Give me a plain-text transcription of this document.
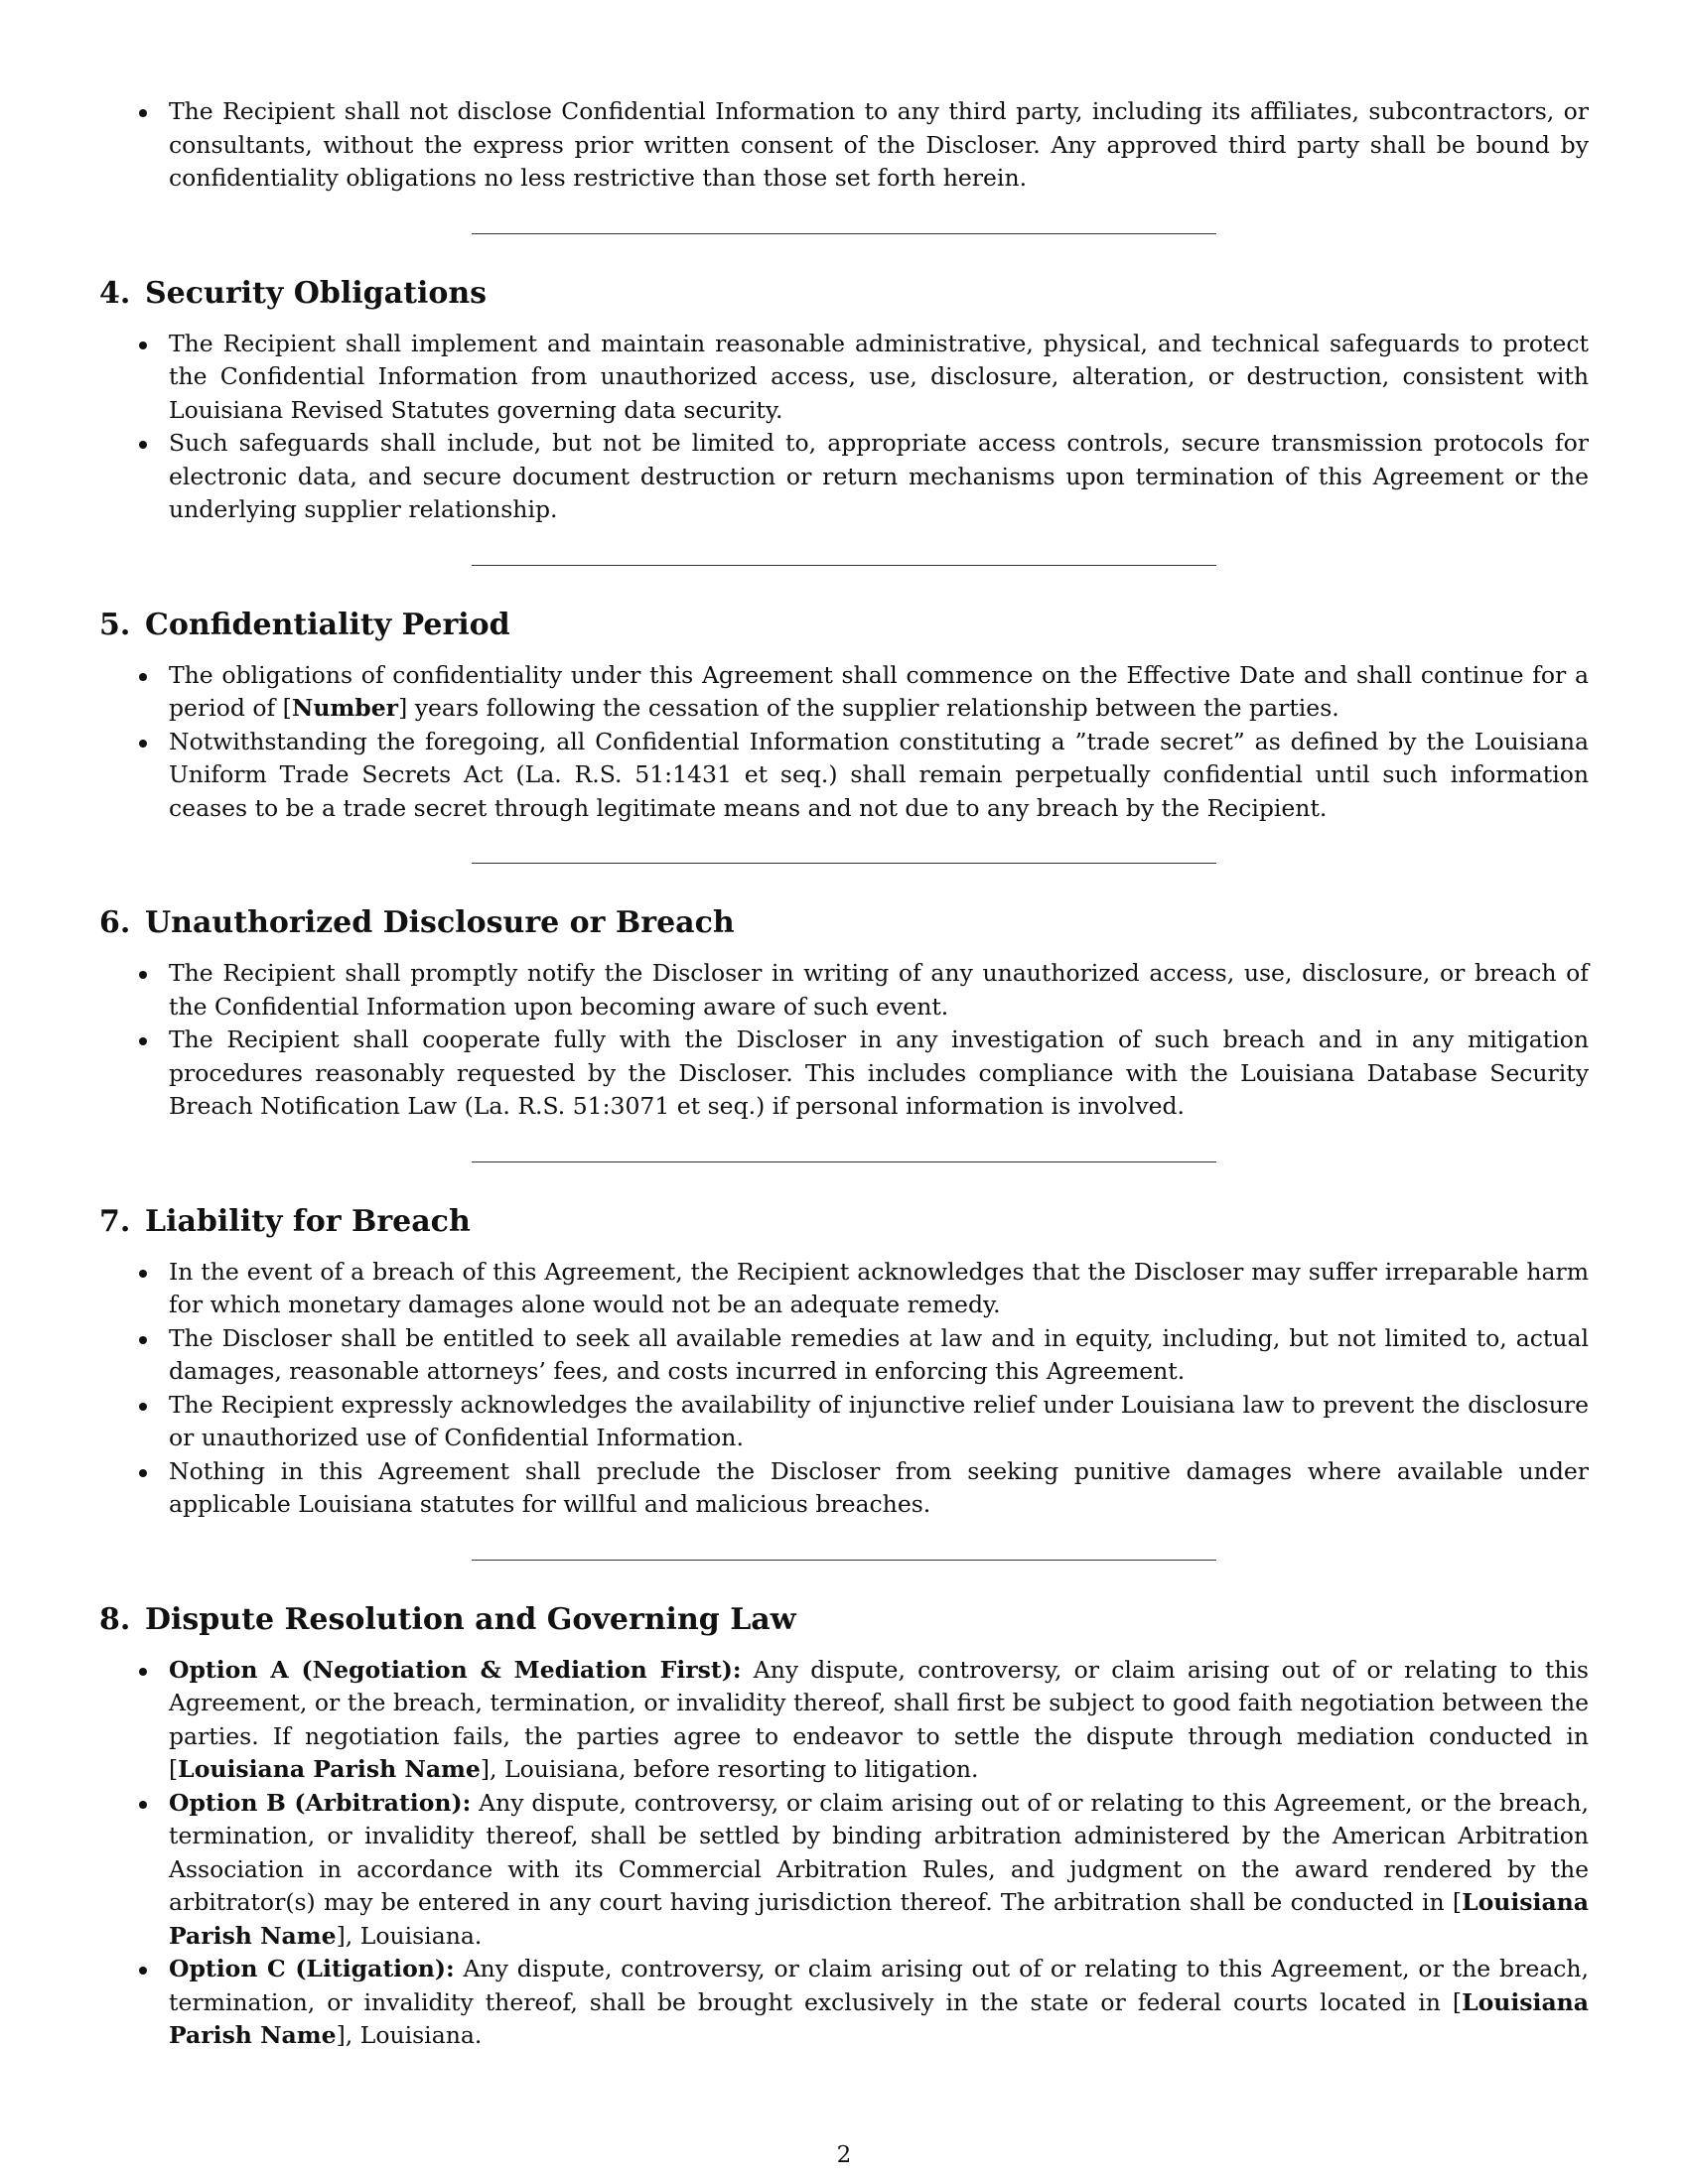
The Recipient shall not disclose Confidential Information to any third party, including its affiliates, subcontractors, or consultants, without the express prior written consent of the Discloser. Any approved third party shall be bound by confidentiality obligations no less restrictive than those set forth herein.
4. Security Obligations
The Recipient shall implement and maintain reasonable administrative, physical, and technical safeguards to protect the Confidential Information from unauthorized access, use, disclosure, alteration, or destruction, consistent with Louisiana Revised Statutes governing data security.
Such safeguards shall include, but not be limited to, appropriate access controls, secure transmission protocols for electronic data, and secure document destruction or return mechanisms upon termination of this Agreement or the underlying supplier relationship.
5. Confidentiality Period
The obligations of confidentiality under this Agreement shall commence on the Effective Date and shall continue for a period of [Number] years following the cessation of the supplier relationship between the parties.
Notwithstanding the foregoing, all Confidential Information constituting a ”trade secret” as defined by the Louisiana Uniform Trade Secrets Act (La. R.S. 51:1431 et seq.) shall remain perpetually confidential until such information ceases to be a trade secret through legitimate means and not due to any breach by the Recipient.
6. Unauthorized Disclosure or Breach
The Recipient shall promptly notify the Discloser in writing of any unauthorized access, use, disclosure, or breach of the Confidential Information upon becoming aware of such event.
The Recipient shall cooperate fully with the Discloser in any investigation of such breach and in any mitigation procedures reasonably requested by the Discloser. This includes compliance with the Louisiana Database Security Breach Notification Law (La. R.S. 51:3071 et seq.) if personal information is involved.
7. Liability for Breach
In the event of a breach of this Agreement, the Recipient acknowledges that the Discloser may suffer irreparable harm for which monetary damages alone would not be an adequate remedy.
The Discloser shall be entitled to seek all available remedies at law and in equity, including, but not limited to, actual damages, reasonable attorneys’ fees, and costs incurred in enforcing this Agreement.
The Recipient expressly acknowledges the availability of injunctive relief under Louisiana law to prevent the disclosure or unauthorized use of Confidential Information.
Nothing in this Agreement shall preclude the Discloser from seeking punitive damages where available under applicable Louisiana statutes for willful and malicious breaches.
8. Dispute Resolution and Governing Law
Option A (Negotiation & Mediation First): Any dispute, controversy, or claim arising out of or relating to this Agreement, or the breach, termination, or invalidity thereof, shall first be subject to good faith negotiation between the parties. If negotiation fails, the parties agree to endeavor to settle the dispute through mediation conducted in [Louisiana Parish Name], Louisiana, before resorting to litigation.
Option B (Arbitration): Any dispute, controversy, or claim arising out of or relating to this Agreement, or the breach, termination, or invalidity thereof, shall be settled by binding arbitration administered by the American Arbitration Association in accordance with its Commercial Arbitration Rules, and judgment on the award rendered by the arbitrator(s) may be entered in any court having jurisdiction thereof. The arbitration shall be conducted in [Louisiana Parish Name], Louisiana.
Option C (Litigation): Any dispute, controversy, or claim arising out of or relating to this Agreement, or the breach, termination, or invalidity thereof, shall be brought exclusively in the state or federal courts located in [Louisiana Parish Name], Louisiana.
2
